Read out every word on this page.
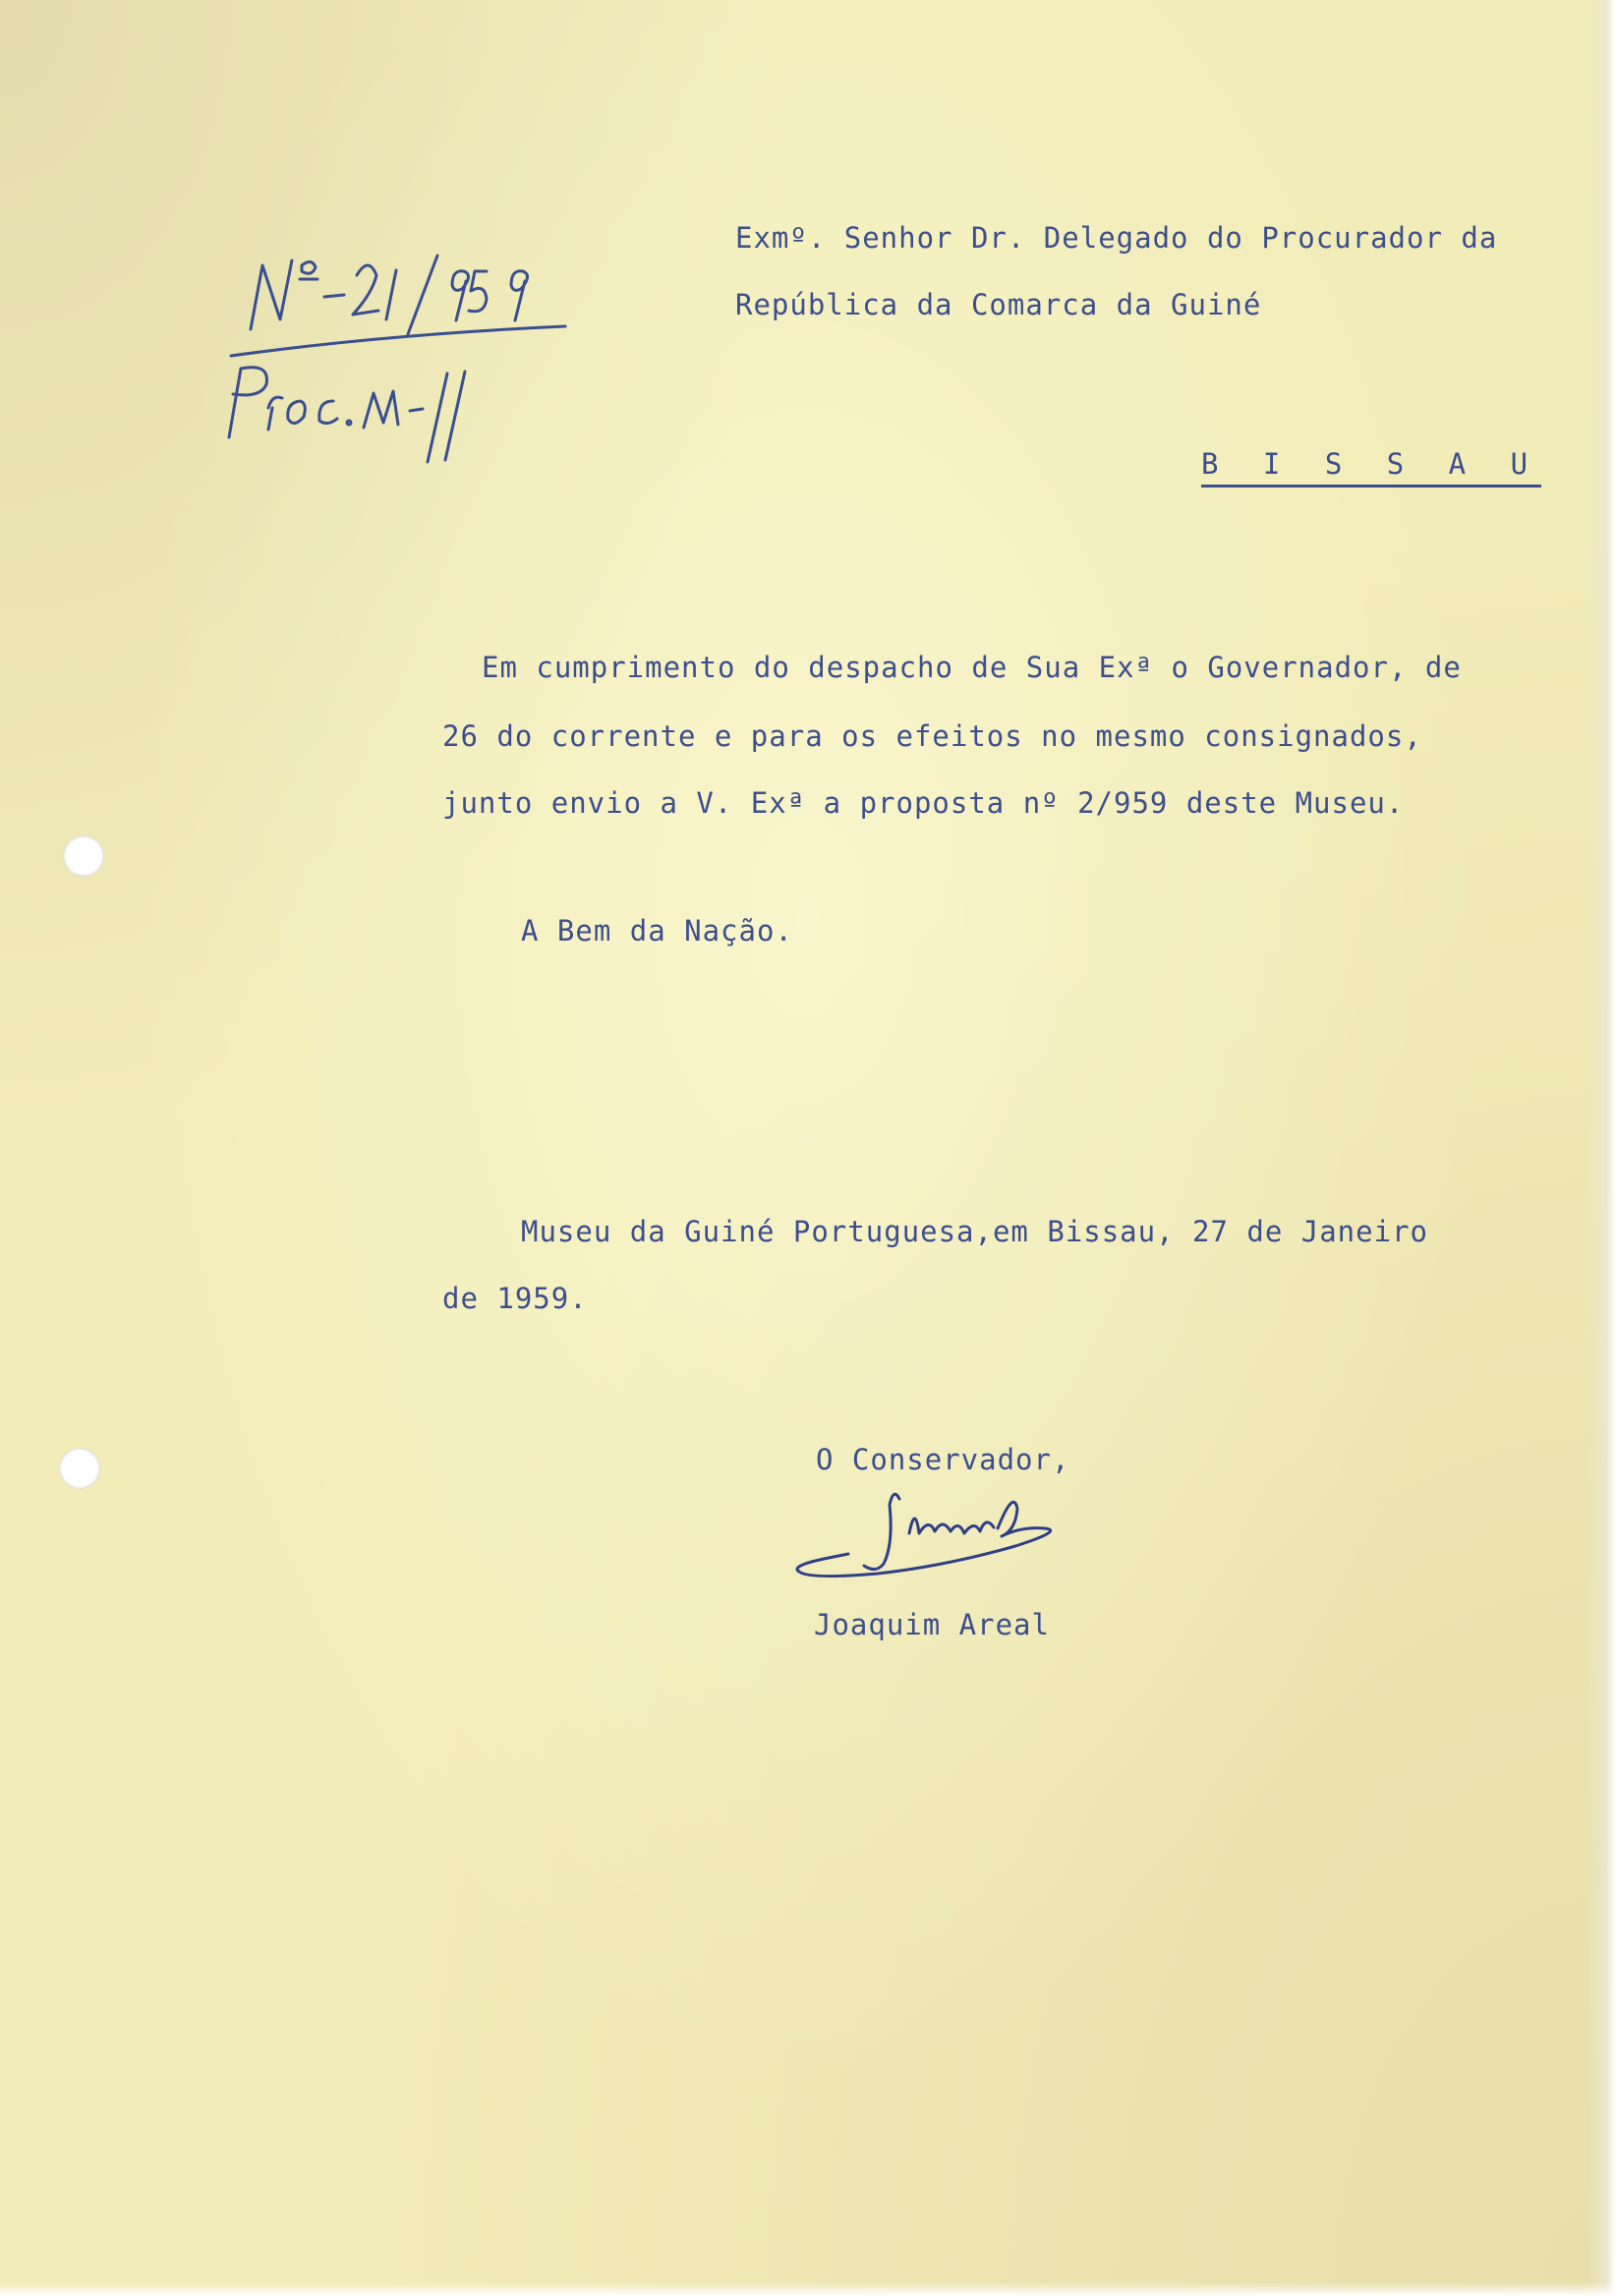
Exmº. Senhor Dr. Delegado do Procurador da

República da Comarca da Guiné

B I S S A U

Em cumprimento do despacho de Sua Exª o Governador, de

26 do corrente e para os efeitos no mesmo consignados,

junto envio a V. Exª a proposta nº 2/959 deste Museu.

A Bem da Nação.

Museu da Guiné Portuguesa,em Bissau, 27 de Janeiro

de 1959.

O Conservador,

Joaquim Areal
